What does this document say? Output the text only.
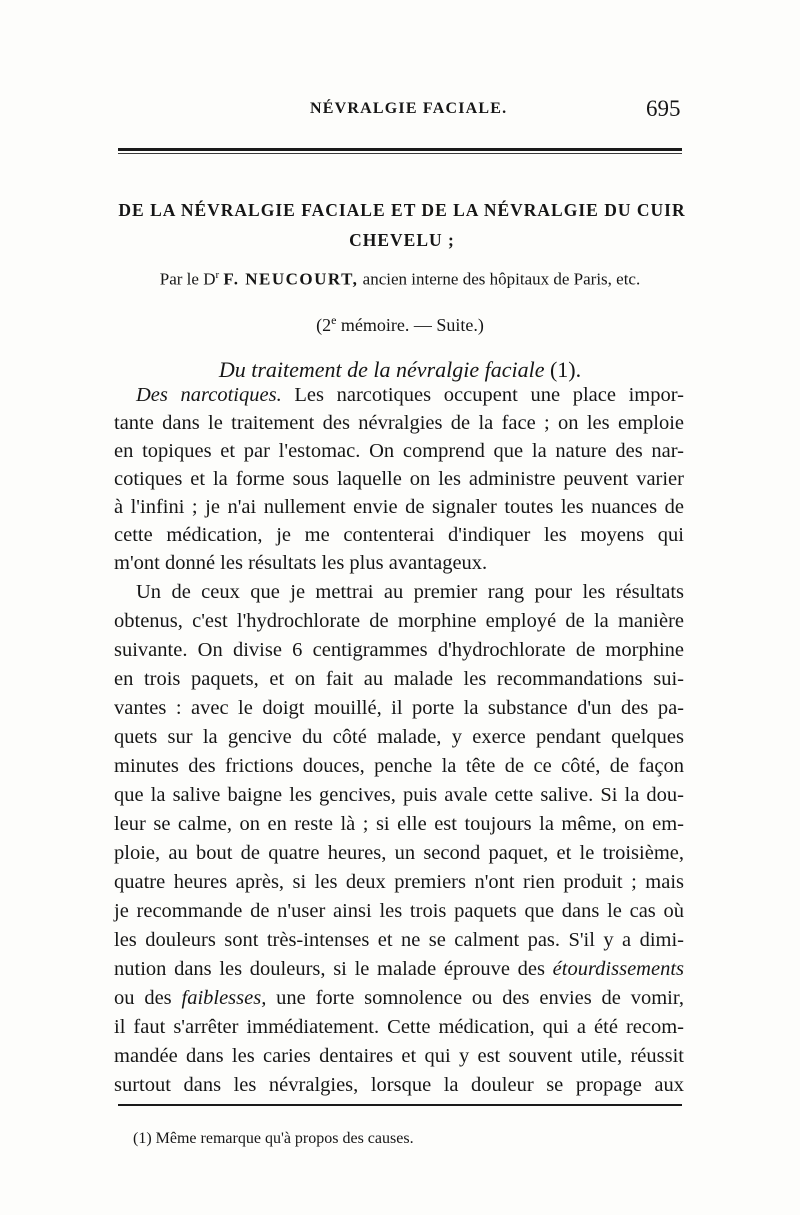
NÉVRALGIE FACIALE.	695
DE LA NÉVRALGIE FACIALE ET DE LA NÉVRALGIE DU CUIR
CHEVELU ;
Par le $D^r$ F. NEUCOURT, ancien interne des hôpitaux de Paris, etc.
(2e mémoire. — Suite.)
Du traitement de la névralgie faciale (1).
Des narcotiques. Les narcotiques occupent une place impor-
tante dans le traitement des névralgies de la face ; on les emploie
en topiques et par l'estomac. On comprend que la nature des nar-
cotiques et la forme sous laquelle on les administre peuvent varier
à l'infini ; je n'ai nullement envie de signaler toutes les nuances de
cette médication, je me contenterai d'indiquer les moyens qui
m'ont donné les résultats les plus avantageux.
Un de ceux que je mettrai au premier rang pour les résultats
obtenus, c'est l'hydrochlorate de morphine employé de la manière
suivante. On divise 6 centigrammes d'hydrochlorate de morphine
en trois paquets, et on fait au malade les recommandations sui-
vantes : avec le doigt mouillé, il porte la substance d'un des pa-
quets sur la gencive du côté malade, y exerce pendant quelques
minutes des frictions douces, penche la tête de ce côté, de façon
que la salive baigne les gencives, puis avale cette salive. Si la dou-
leur se calme, on en reste là ; si elle est toujours la même, on em-
ploie, au bout de quatre heures, un second paquet, et le troisième,
quatre heures après, si les deux premiers n'ont rien produit ; mais
je recommande de n'user ainsi les trois paquets que dans le cas où
les douleurs sont très-intenses et ne se calment pas. S'il y a dimi-
nution dans les douleurs, si le malade éprouve des étourdissements
ou des faiblesses, une forte somnolence ou des envies de vomir,
il faut s'arrêter immédiatement. Cette médication, qui a été recom-
mandée dans les caries dentaires et qui y est souvent utile, réussit
surtout dans les névralgies, lorsque la douleur se propage aux
(1) Même remarque qu'à propos des causes.
